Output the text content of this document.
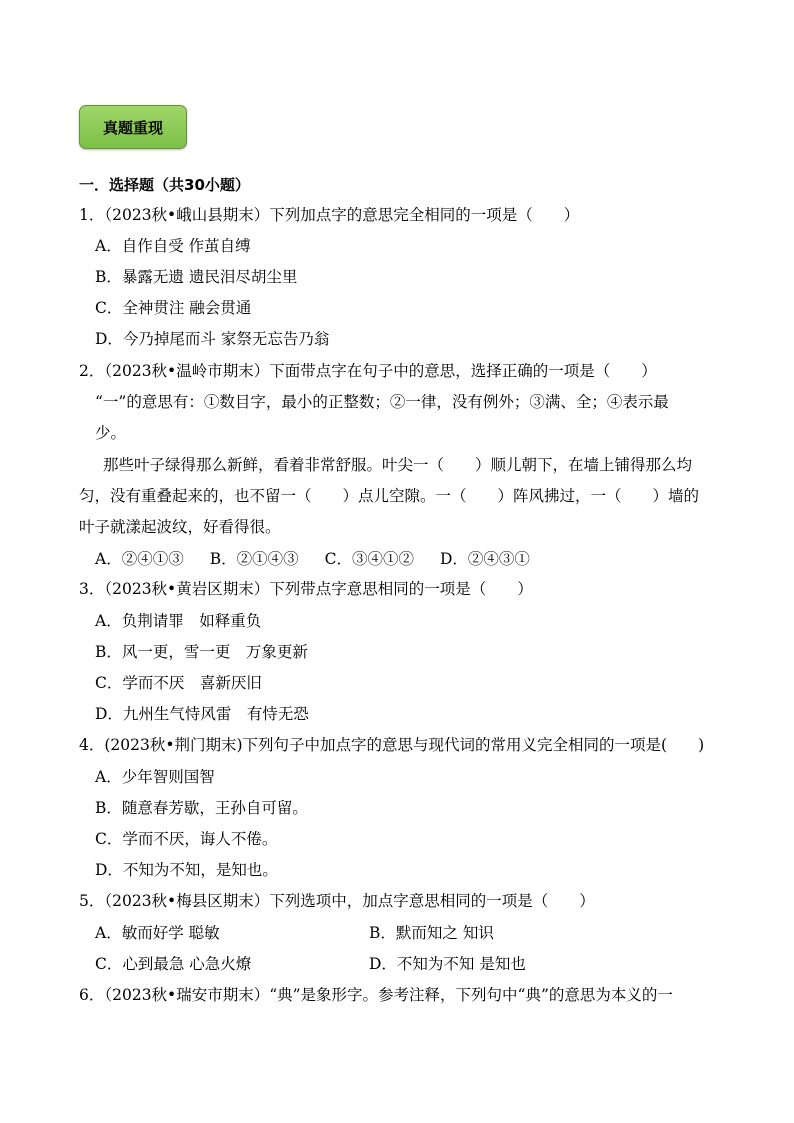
真题重现
一．选择题（共30小题）
1．（2023秋•峨山县期末）下列加点字的意思完全相同的一项是（　　）
A．自作自受 作茧自缚
B．暴露无遗 遗民泪尽胡尘里
C．全神贯注 融会贯通
D．今乃掉尾而斗 家祭无忘告乃翁
2．（2023秋•温岭市期末）下面带点字在句子中的意思，选择正确的一项是（　　）
“一”的意思有：①数目字，最小的正整数；②一律，没有例外；③满、全；④表示最
少。
那些叶子绿得那么新鲜，看着非常舒服。叶尖一（　　）顺儿朝下，在墙上铺得那么均
匀，没有重叠起来的，也不留一（　　）点儿空隙。一（　　）阵风拂过，一（　　）墙的
叶子就漾起波纹，好看得很。
A．②④①③ B．②①④③ C．③④①② D．②④③①
3．（2023秋•黄岩区期末）下列带点字意思相同的一项是（　　）
A．负荆请罪　如释重负
B．风一更，雪一更　万象更新
C．学而不厌　喜新厌旧
D．九州生气恃风雷　有恃无恐
4．(2023秋•荆门期末)下列句子中加点字的意思与现代词的常用义完全相同的一项是(　　)
A．少年智则国智
B．随意春芳歇，王孙自可留。
C．学而不厌，诲人不倦。
D．不知为不知，是知也。
5．（2023秋•梅县区期末）下列选项中，加点字意思相同的一项是（　　）
A．敏而好学 聪敏	B．默而知之 知识
C．心到最急 心急火燎	D．不知为不知 是知也
6．（2023秋•瑞安市期末）“典”是象形字。参考注释，下列句中“典”的意思为本义的一
